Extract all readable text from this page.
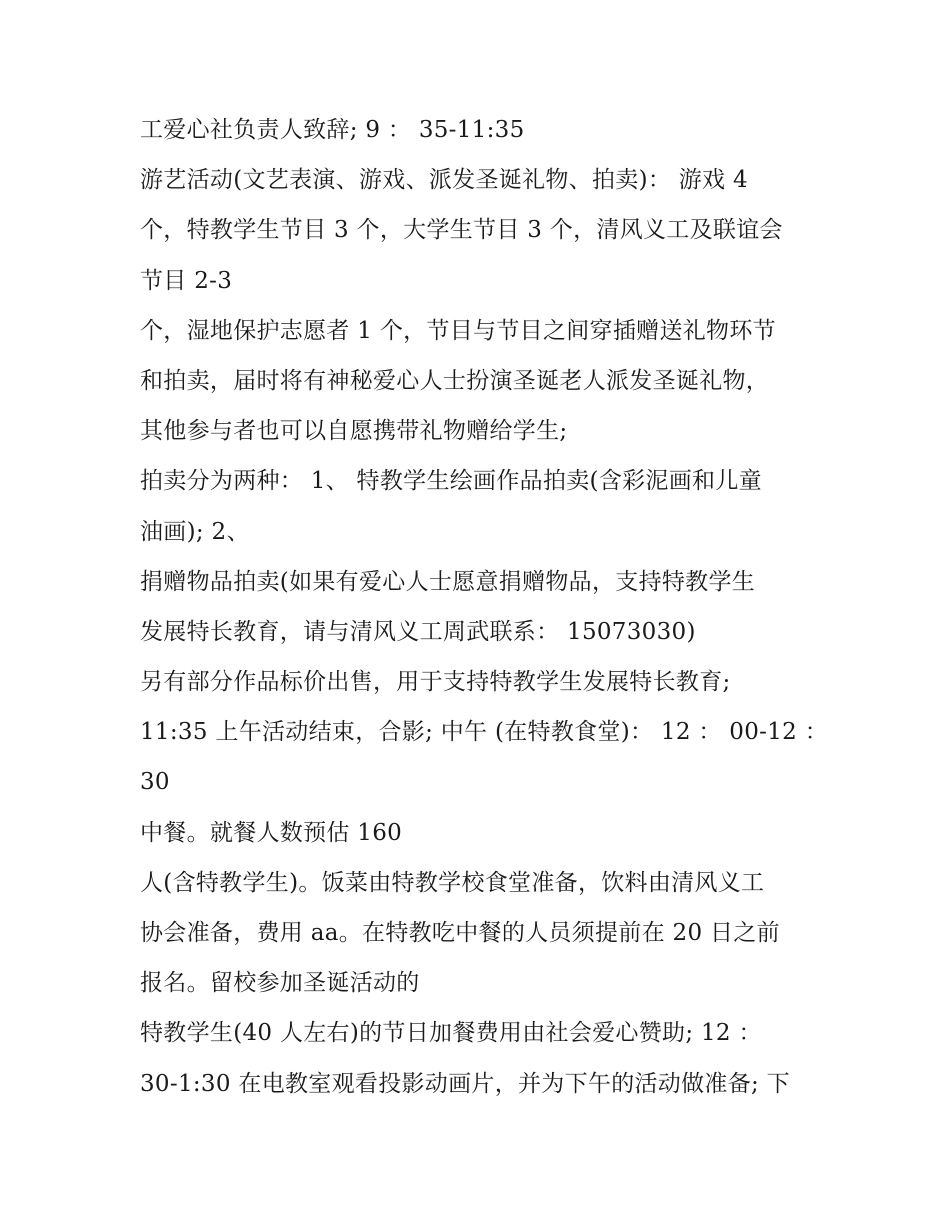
工爱心社负责人致辞; 9 ： 35-11:35
游艺活动(文艺表演、游戏、派发圣诞礼物、拍卖)： 游戏 4
个，特教学生节目 3 个，大学生节目 3 个，清风义工及联谊会
节目 2-3
个，湿地保护志愿者 1 个，节目与节目之间穿插赠送礼物环节
和拍卖，届时将有神秘爱心人士扮演圣诞老人派发圣诞礼物，
其他参与者也可以自愿携带礼物赠给学生;
拍卖分为两种： 1、 特教学生绘画作品拍卖(含彩泥画和儿童
油画); 2、
捐赠物品拍卖(如果有爱心人士愿意捐赠物品，支持特教学生
发展特长教育，请与清风义工周武联系： 15073030)
另有部分作品标价出售，用于支持特教学生发展特长教育;
11:35 上午活动结束，合影; 中午 (在特教食堂)： 12 ： 00-12 ：
30
中餐。就餐人数预估 160
人(含特教学生)。饭菜由特教学校食堂准备，饮料由清风义工
协会准备，费用 aa。在特教吃中餐的人员须提前在 20 日之前
报名。留校参加圣诞活动的
特教学生(40 人左右)的节日加餐费用由社会爱心赞助; 12 ：
30-1:30 在电教室观看投影动画片，并为下午的活动做准备; 下
